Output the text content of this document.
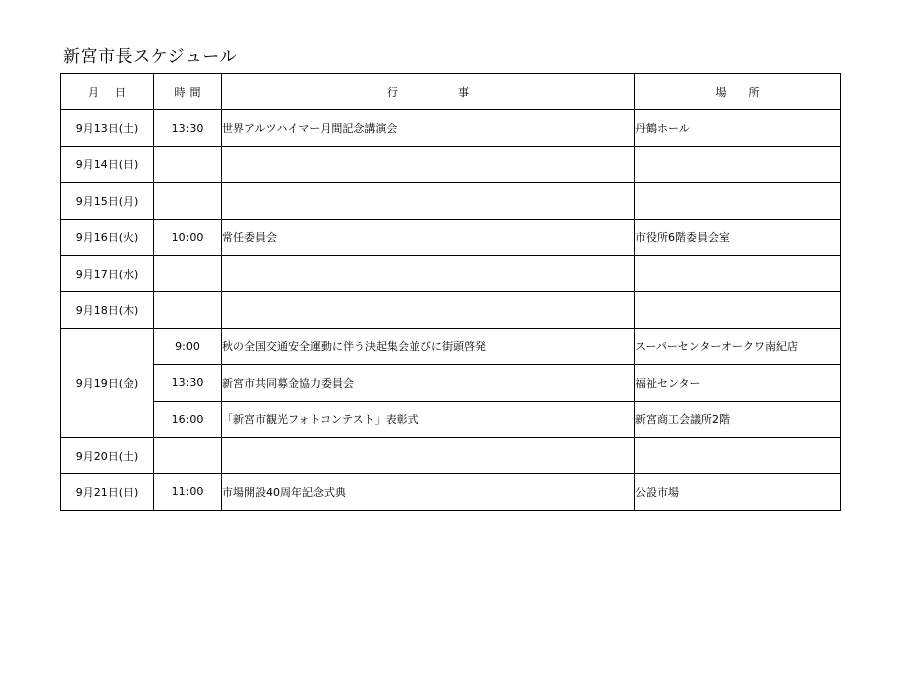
新宮市長スケジュール
月日	時間	行事	場所
9月13日(土)	13:30	世界アルツハイマー月間記念講演会	丹鶴ホール
9月14日(日)			
9月15日(月)			
9月16日(火)	10:00	常任委員会	市役所6階委員会室
9月17日(水)			
9月18日(木)			
9月19日(金)	9:00	秋の全国交通安全運動に伴う決起集会並びに街頭啓発	スーパーセンターオークワ南紀店
	13:30	新宮市共同募金協力委員会	福祉センター
	16:00	「新宮市観光フォトコンテスト」表彰式	新宮商工会議所2階
9月20日(土)			
9月21日(日)	11:00	市場開設40周年記念式典	公設市場
